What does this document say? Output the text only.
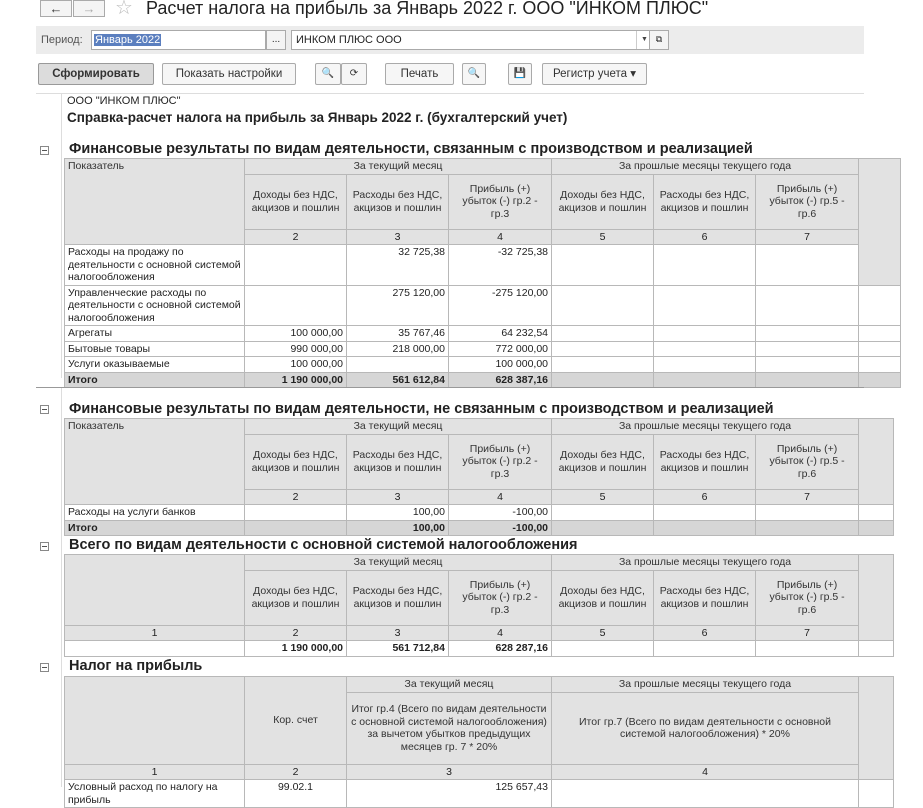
←	→ ☆ Расчет налога на прибыль за Январь 2022 г. ООО "ИНКОМ ПЛЮС"
Период:	Январь 2022	...	ИНКОМ ПЛЮС ООО	▼ ⧉
Сформировать	Показать настройки	🔍	⟳	Печать	🔍	💾	Регистр учета ▾
ООО "ИНКОМ ПЛЮС"
Справка-расчет налога на прибыль за Январь 2022 г. (бухгалтерский учет)
Финансовые результаты по видам деятельности, связанным с производством и реализацией
Показатель	За текущий месяц			За прошлые месяцы текущего года				
	Доходы без НДС, акцизов и пошлин	Расходы без НДС, акцизов и пошлин	Прибыль (+) убыток (-) гр.2 - гр.3	Доходы без НДС, акцизов и пошлин	Расходы без НДС, акцизов и пошлин	Прибыль (+) убыток (-) гр.5 - гр.6		
	2	3	4	5	6	7		
Расходы на продажу по деятельности с основной системой налогообложения		32 725,38	-32 725,38					
Управленческие расходы по деятельности с основной системой налогообложения		275 120,00	-275 120,00					
Агрегаты	100 000,00	35 767,46	64 232,54					
Бытовые товары	990 000,00	218 000,00	772 000,00					
Услуги оказываемые	100 000,00		100 000,00					
Итого	1 190 000,00	561 612,84	628 387,16					
Финансовые результаты по видам деятельности, не связанным с производством и реализацией
Показатель	За текущий месяц			За прошлые месяцы текущего года			
	Доходы без НДС, акцизов и пошлин	Расходы без НДС, акцизов и пошлин	Прибыль (+) убыток (-) гр.2 - гр.3	Доходы без НДС, акцизов и пошлин	Расходы без НДС, акцизов и пошлин	Прибыль (+) убыток (-) гр.5 - гр.6	
	2	3	4	5	6	7	
Расходы на услуги банков		100,00	-100,00				
Итого		100,00	-100,00				
Всего по видам деятельности с основной системой налогообложения
	За текущий месяц			За прошлые месяцы текущего года			
	Доходы без НДС, акцизов и пошлин	Расходы без НДС, акцизов и пошлин	Прибыль (+) убыток (-) гр.2 - гр.3	Доходы без НДС, акцизов и пошлин	Расходы без НДС, акцизов и пошлин	Прибыль (+) убыток (-) гр.5 - гр.6	
1	2	3	4	5	6	7	
	1 190 000,00	561 712,84	628 287,16				
Налог на прибыль
	Кор. счет	За текущий месяц	За прошлые месяцы текущего года	
		Итог гр.4 (Всего по видам деятельности с основной системой налогообложения) за вычетом убытков предыдущих месяцев гр. 7 * 20%	Итог гр.7 (Всего по видам деятельности с основной системой налогообложения) * 20%	
1	2	3	4	
Условный расход по налогу на прибыль	99.02.1	125 657,43		
